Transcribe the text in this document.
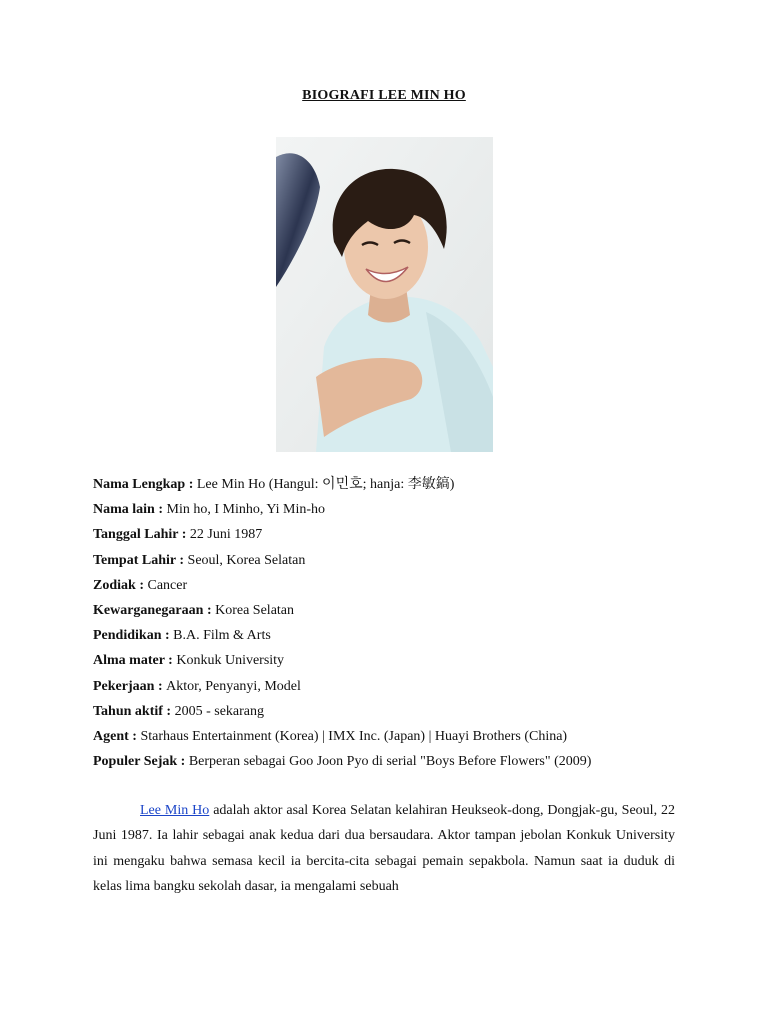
BIOGRAFI LEE MIN HO
Nama Lengkap : Lee Min Ho (Hangul: 이민호; hanja: 李敏鎬)
Nama lain : Min ho, I Minho, Yi Min-ho
Tanggal Lahir : 22 Juni 1987
Tempat Lahir : Seoul, Korea Selatan
Zodiak : Cancer
Kewarganegaraan : Korea Selatan
Pendidikan : B.A. Film & Arts
Alma mater : Konkuk University
Pekerjaan : Aktor, Penyanyi, Model
Tahun aktif : 2005 - sekarang
Agent : Starhaus Entertainment (Korea) | IMX Inc. (Japan) | Huayi Brothers (China)
Populer Sejak : Berperan sebagai Goo Joon Pyo di serial "Boys Before Flowers" (2009)
Lee Min Ho adalah aktor asal Korea Selatan kelahiran Heukseok-dong, Dongjak-gu, Seoul, 22 Juni 1987. Ia lahir sebagai anak kedua dari dua bersaudara. Aktor tampan jebolan Konkuk University ini mengaku bahwa semasa kecil ia bercita-cita sebagai pemain sepakbola. Namun saat ia duduk di kelas lima bangku sekolah dasar, ia mengalami sebuah
